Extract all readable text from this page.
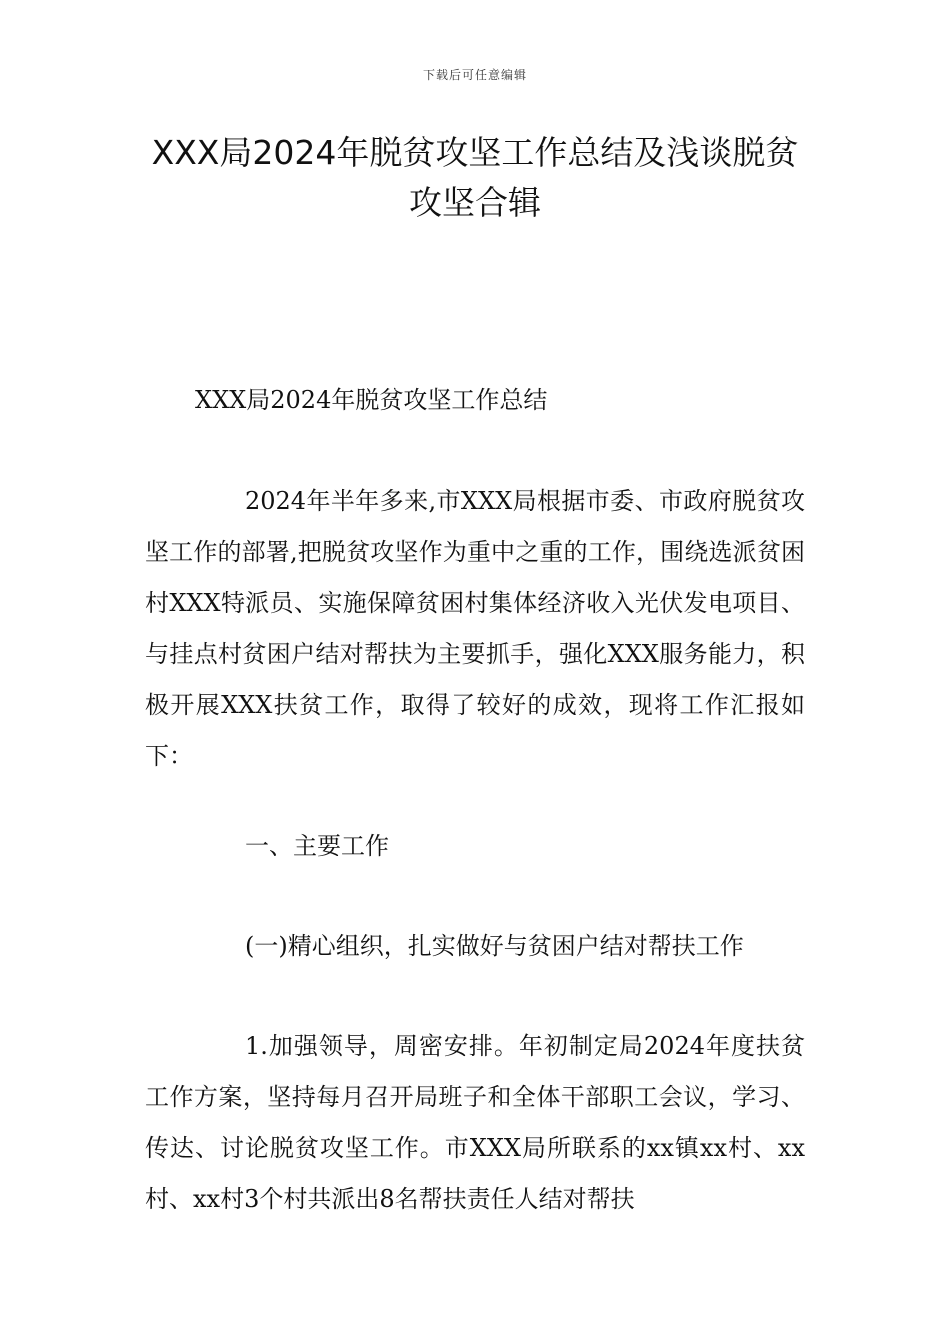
下载后可任意编辑
XXX局2024年脱贫攻坚工作总结及浅谈脱贫攻坚合辑

XXX局2024年脱贫攻坚工作总结

2024年半年多来,市XXX局根据市委、市政府脱贫攻坚工作的部署,把脱贫攻坚作为重中之重的工作，围绕选派贫困村XXX特派员、实施保障贫困村集体经济收入光伏发电项目、与挂点村贫困户结对帮扶为主要抓手，强化XXX服务能力，积极开展XXX扶贫工作，取得了较好的成效，现将工作汇报如下：

一、主要工作

(一)精心组织，扎实做好与贫困户结对帮扶工作

1.加强领导，周密安排。年初制定局2024年度扶贫工作方案，坚持每月召开局班子和全体干部职工会议，学习、传达、讨论脱贫攻坚工作。市XXX局所联系的xx镇xx村、xx村、xx村3个村共派出8名帮扶责任人结对帮扶
